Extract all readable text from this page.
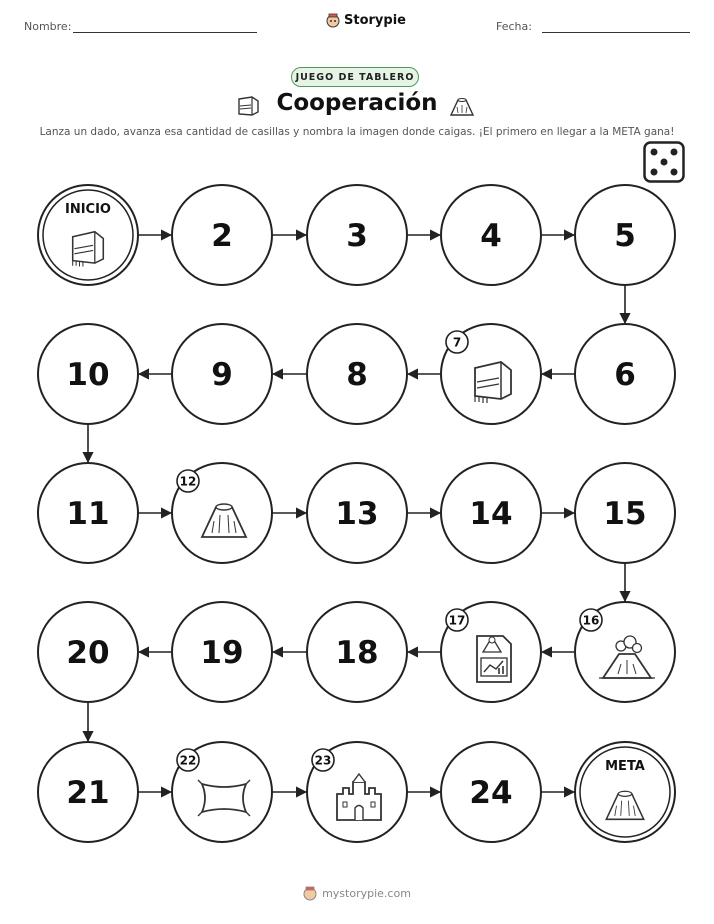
Nombre:	Storypie	Fecha:
JUEGO DE TABLERO
Cooperación
Lanza un dado, avanza esa cantidad de casillas y nombra la imagen donde caigas. ¡El primero en llegar a la META gana!
INICIO
2	3	4	5
6
7
8
9
10
11
12
13	14	15
16
17
18
19
20
21
22	23
24
META
mystorypie.com
